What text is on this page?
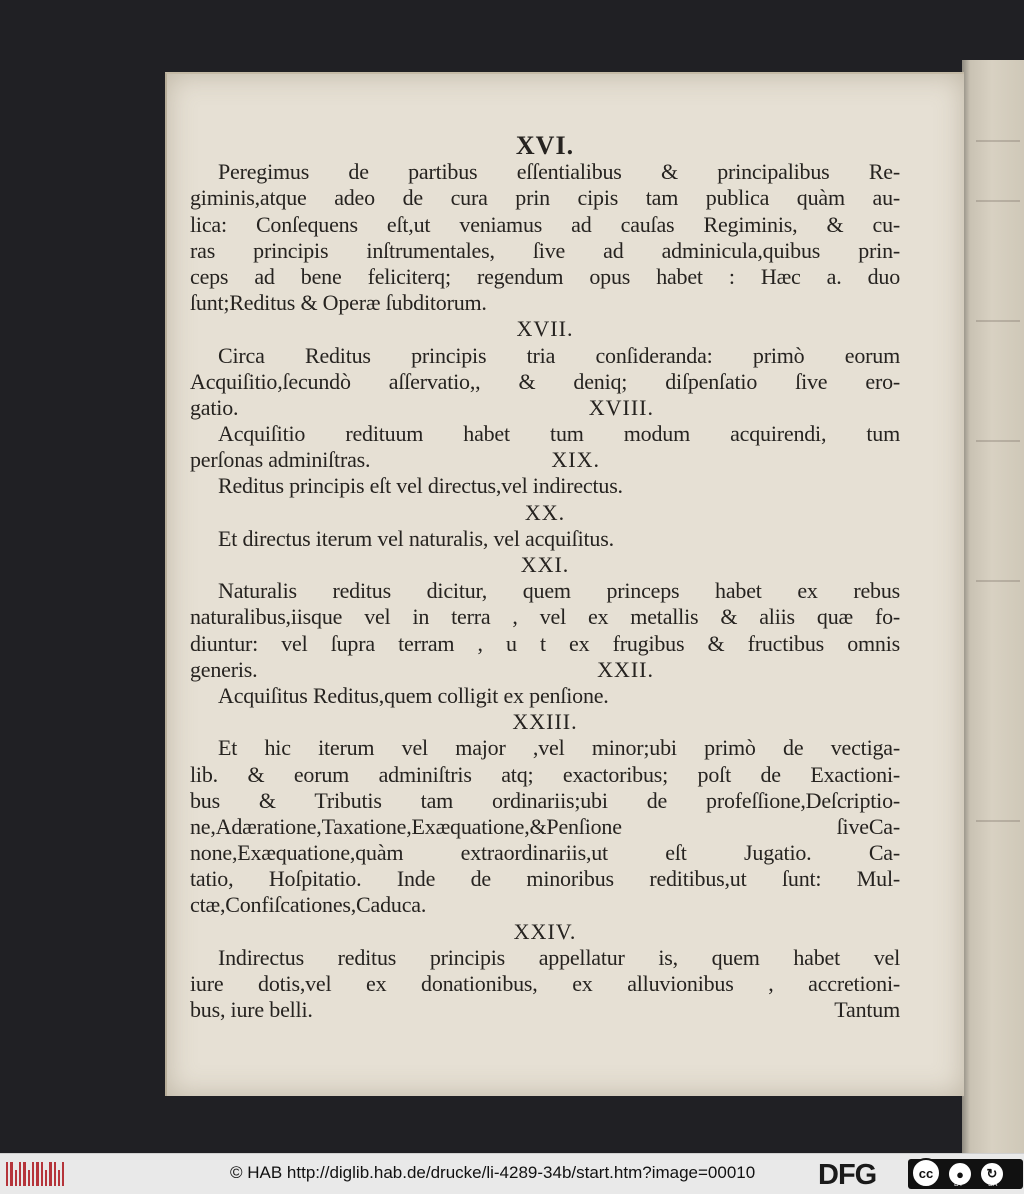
XVI.
Peregimus de partibus eſſentialibus & principalibus Re-
giminis,atque adeo de cura prin cipis tam publica quàm au-
lica: Conſequens eſt,ut veniamus ad cauſas Regiminis, & cu-
ras principis inſtrumentales, ſive ad adminicula,quibus prin-
ceps ad bene feliciterq; regendum opus habet : Hæc a. duo
ſunt;Reditus & Operæ ſubditorum.
XVII.
Circa Reditus principis tria conſideranda: primò eorum
Acquiſitio,ſecundò aſſervatio,, & deniq; diſpenſatio ſive ero-
gatio.	XVIII.
Acquiſitio redituum habet tum modum acquirendi, tum
perſonas adminiſtras.	XIX.
Reditus principis eſt vel directus,vel indirectus.
XX.
Et directus iterum vel naturalis, vel acquiſitus.
XXI.
Naturalis reditus dicitur, quem princeps habet ex rebus
naturalibus,iisque vel in terra , vel ex metallis & aliis quæ fo-
diuntur: vel ſupra terram , u t ex frugibus & fructibus omnis
generis.	XXII.
Acquiſitus Reditus,quem colligit ex penſione.
XXIII.
Et hic iterum vel major ,vel minor;ubi primò de vectiga-
lib. & eorum adminiſtris atq; exactoribus; poſt de Exactioni-
bus & Tributis tam ordinariis;ubi de profeſſione,Deſcriptio-
ne,Adæratione,Taxatione,Exæquatione,&Penſione ſiveCa-
none,Exæquatione,quàm extraordinariis,ut eſt Jugatio. Ca-
tatio, Hoſpitatio. Inde de minoribus reditibus,ut ſunt: Mul-
ctæ,Confiſcationes,Caduca.
XXIV.
Indirectus reditus principis appellatur is, quem habet vel
iure dotis,vel ex donationibus, ex alluvionibus , accretioni-
bus, iure belli.	Tantum
© HAB http://diglib.hab.de/drucke/li-4289-34b/start.htm?image=00010 DFG	cc	●	↻
BY	SA
